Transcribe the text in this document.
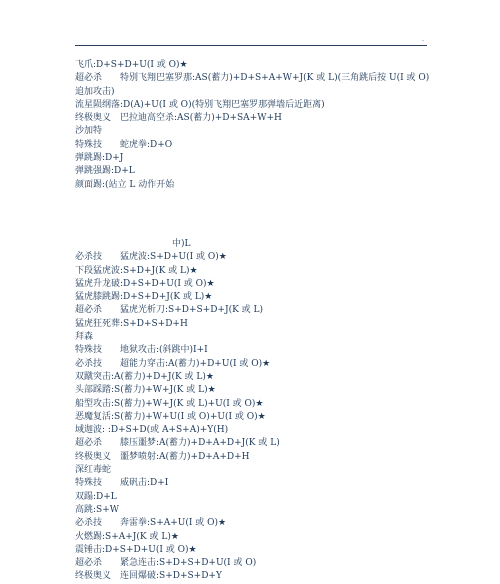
.
飞爪:D+S+D+U(I 或 O)★
超必杀　　特别飞翔巴塞罗那:AS(蓄力)+D+S+A+W+J(K 或 L)(三角跳后按 U(I 或 O)追加攻击)
流星陨纲落:D(A)+U(I 或 O)(特别飞翔巴塞罗那弹墙后近距离)
终极奥义　巴拉迪高空杀:AS(蓄力)+D+SA+W+H
沙加特
特殊技　　蛇虎拳:D+O
弹跳踢:D+J
弹跳强踢:D+L
颜面踢:(站立 L 动作开始
中)L
必杀技　　猛虎波:S+D+U(I 或 O)★
下段猛虎波:S+D+J(K 或 L)★
猛虎升龙破:D+S+D+U(I 或 O)★
猛虎膝跳踢:D+S+D+J(K 或 L)★
超必杀　　猛虎光析刀:S+D+S+D+J(K 或 L)
猛虎狂死葬:S+D+S+D+H
拜森
特殊技　　地狱攻击:(斜跳中)I+I
必杀技　　超能力穿击:A(蓄力)+D+U(I 或 O)★
双蹴突击:A(蓄力)+D+J(K 或 L)★
头部踩踏:S(蓄力)+W+J(K 或 L)★
船型攻击:S(蓄力)+W+J(K 或 L)+U(I 或 O)★
恶魔复活:S(蓄力)+W+U(I 或 O)+U(I 或 O)★
域迦波: :D+S+D(或 A+S+A)+Y(H)
超必杀　　膝压噩梦:A(蓄力)+D+A+D+J(K 或 L)
终极奥义　噩梦喷射:A(蓄力)+D+A+D+H
深红毒蛇
特殊技　　威矾击:D+I
双蹋:D+L
高跳:S+W
必杀技　　奔雷拳:S+A+U(I 或 O)★
火燃踢:S+A+J(K 或 L)★
震锤击:D+S+D+U(I 或 O)★
超必杀　　紧急连击:S+D+S+D+U(I 或 O)
终极奥义　连回爆破:S+D+S+D+Y
